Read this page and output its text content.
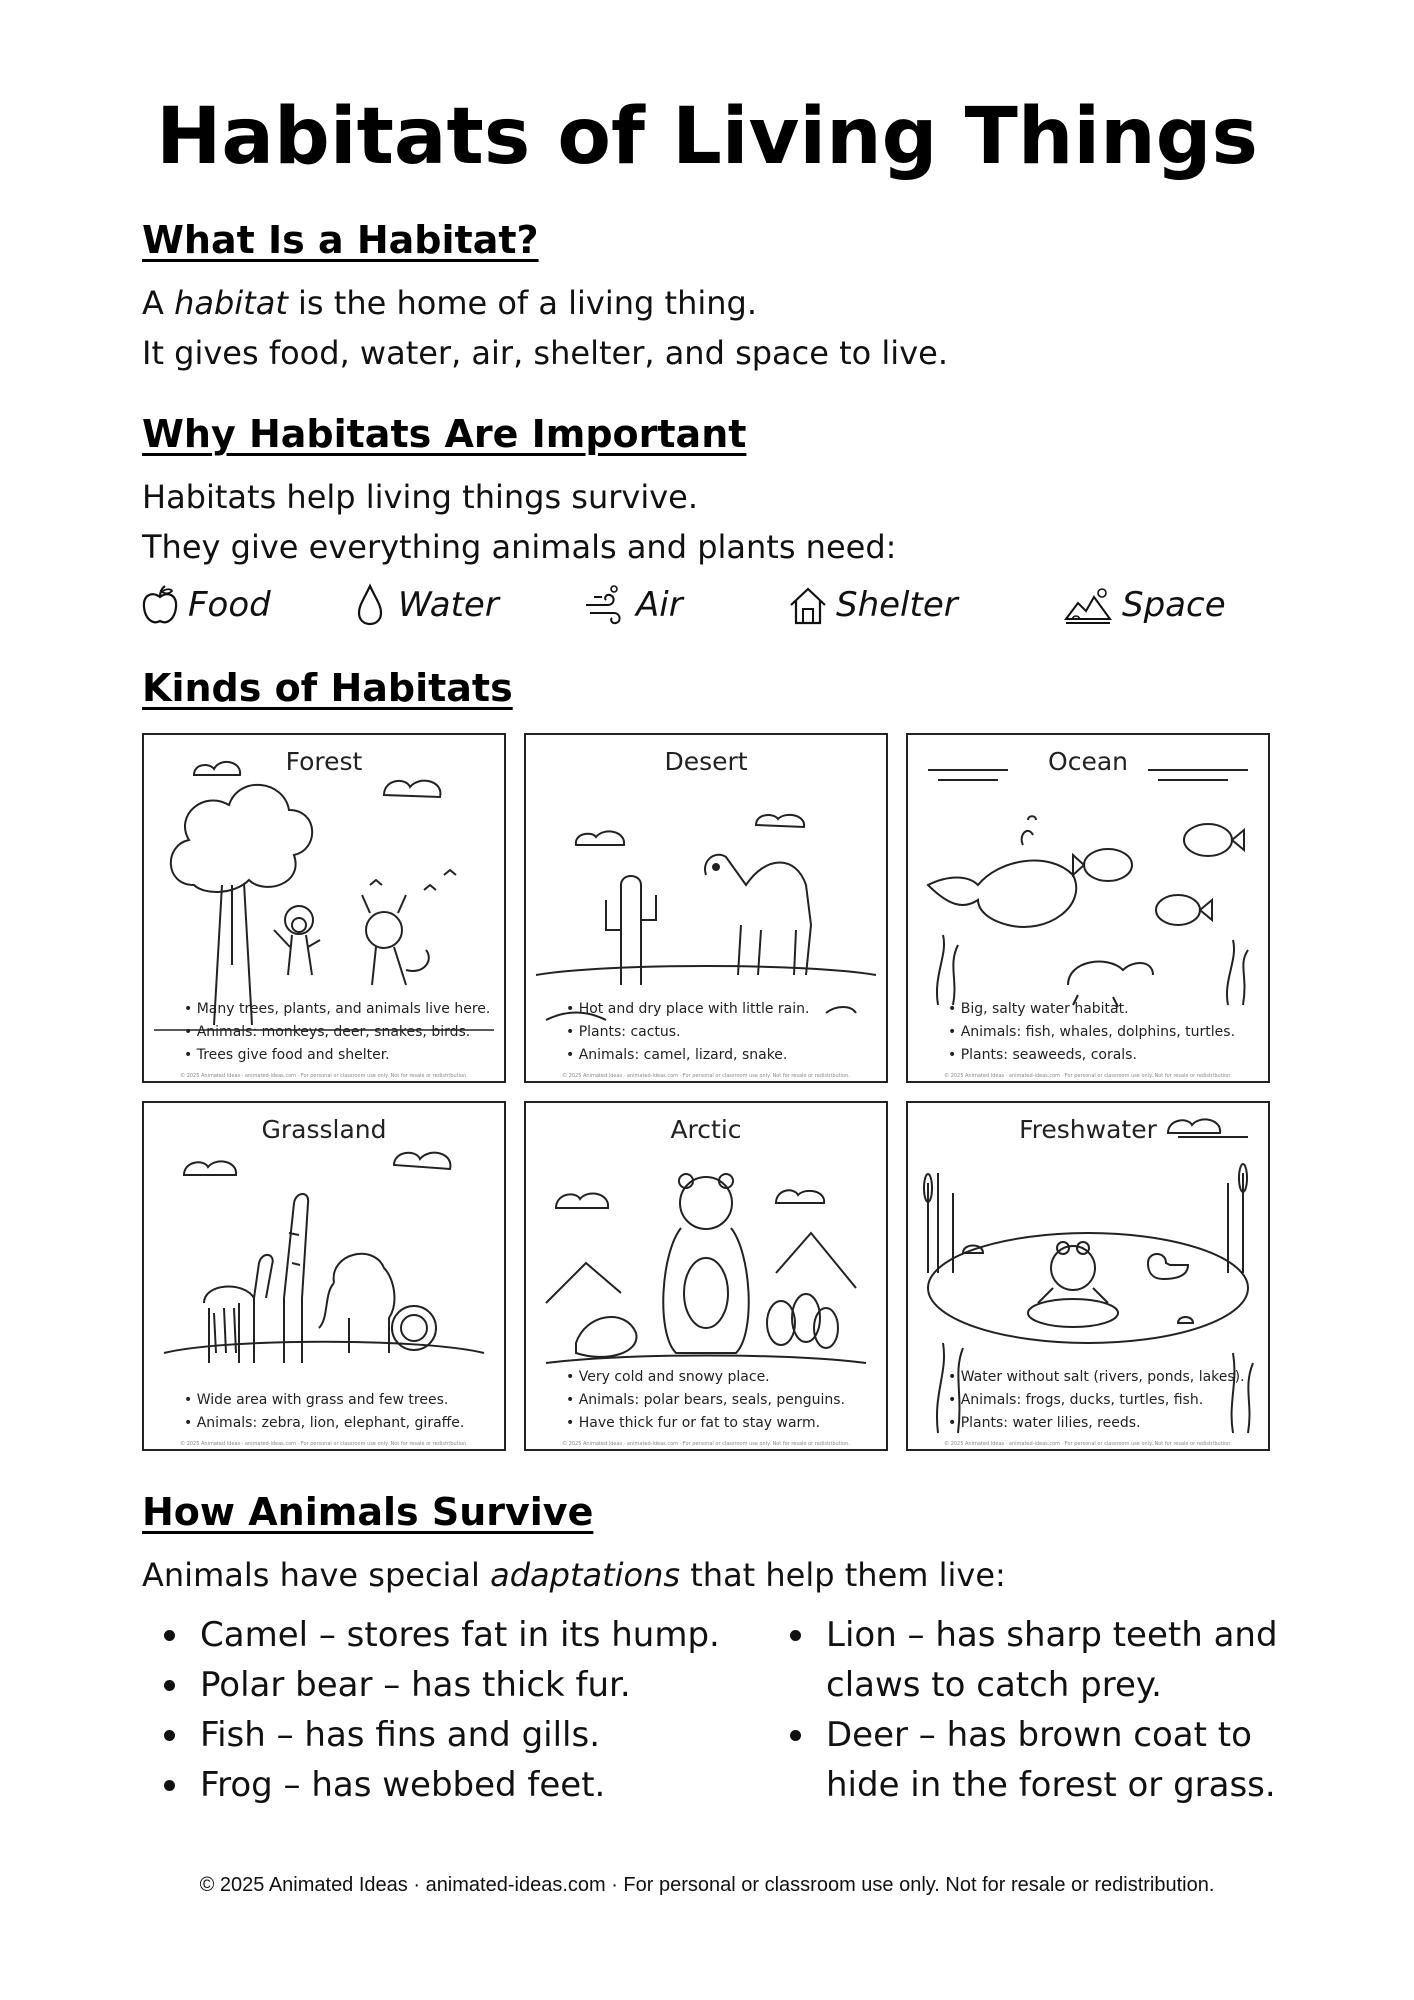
Habitats of Living Things
What Is a Habitat?
A habitat is the home of a living thing.
It gives food, water, air, shelter, and space to live.
Why Habitats Are Important
Habitats help living things survive.
They give everything animals and plants need:
Food	Water	Air	Shelter	Space
Kinds of Habitats
Forest
• Many trees, plants, and animals live here.
• Animals: monkeys, deer, snakes, birds.
• Trees give food and shelter.
© 2025 Animated Ideas · animated-ideas.com · For personal or classroom use only. Not for resale or redistribution.
Desert
• Hot and dry place with little rain.
• Plants: cactus.
• Animals: camel, lizard, snake.
© 2025 Animated Ideas · animated-ideas.com · For personal or classroom use only. Not for resale or redistribution.
Ocean
• Big, salty water habitat.
• Animals: fish, whales, dolphins, turtles.
• Plants: seaweeds, corals.
© 2025 Animated Ideas · animated-ideas.com · For personal or classroom use only. Not for resale or redistribution.
Grassland
• Wide area with grass and few trees.
• Animals: zebra, lion, elephant, giraffe.
© 2025 Animated Ideas · animated-ideas.com · For personal or classroom use only. Not for resale or redistribution.
Arctic
• Very cold and snowy place.
• Animals: polar bears, seals, penguins.
• Have thick fur or fat to stay warm.
© 2025 Animated Ideas · animated-ideas.com · For personal or classroom use only. Not for resale or redistribution.
Freshwater
• Water without salt (rivers, ponds, lakes).
• Animals: frogs, ducks, turtles, fish.
• Plants: water lilies, reeds.
© 2025 Animated Ideas · animated-ideas.com · For personal or classroom use only. Not for resale or redistribution.
How Animals Survive
Animals have special adaptations that help them live:
Camel – stores fat in its hump.
Polar bear – has thick fur.
Fish – has fins and gills.
Frog – has webbed feet.
Lion – has sharp teeth and
claws to catch prey.
Deer – has brown coat to
hide in the forest or grass.
© 2025 Animated Ideas · animated-ideas.com · For personal or classroom use only. Not for resale or redistribution.
